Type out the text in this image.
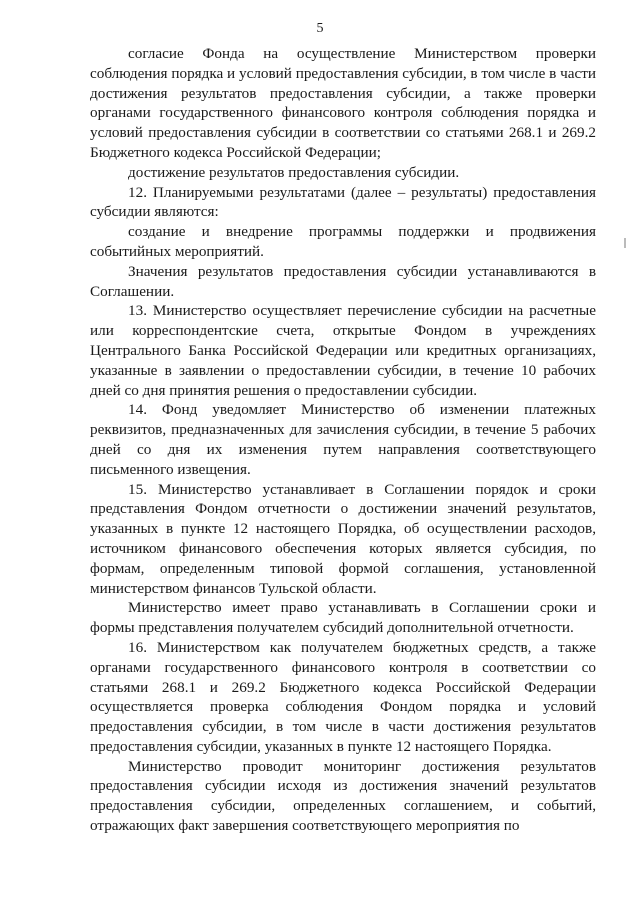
5

согласие Фонда на осуществление Министерством проверки соблюдения порядка и условий предоставления субсидии, в том числе в части достижения результатов предоставления субсидии, а также проверки органами государственного финансового контроля соблюдения порядка и условий предоставления субсидии в соответствии со статьями 268.1 и 269.2 Бюджетного кодекса Российской Федерации;

достижение результатов предоставления субсидии.

12. Планируемыми результатами (далее – результаты) предоставления субсидии являются:

создание и внедрение программы поддержки и продвижения событийных мероприятий.

Значения результатов предоставления субсидии устанавливаются в Соглашении.

13. Министерство осуществляет перечисление субсидии на расчетные или корреспондентские счета, открытые Фондом в учреждениях Центрального Банка Российской Федерации или кредитных организациях, указанные в заявлении о предоставлении субсидии, в течение 10 рабочих дней со дня принятия решения о предоставлении субсидии.

14. Фонд уведомляет Министерство об изменении платежных реквизитов, предназначенных для зачисления субсидии, в течение 5 рабочих дней со дня их изменения путем направления соответствующего письменного извещения.

15. Министерство устанавливает в Соглашении порядок и сроки представления Фондом отчетности о достижении значений результатов, указанных в пункте 12 настоящего Порядка, об осуществлении расходов, источником финансового обеспечения которых является субсидия, по формам, определенным типовой формой соглашения, установленной министерством финансов Тульской области.

Министерство имеет право устанавливать в Соглашении сроки и формы представления получателем субсидий дополнительной отчетности.

16. Министерством как получателем бюджетных средств, а также органами государственного финансового контроля в соответствии со статьями 268.1 и 269.2 Бюджетного кодекса Российской Федерации осуществляется проверка соблюдения Фондом порядка и условий предоставления субсидии, в том числе в части достижения результатов предоставления субсидии, указанных в пункте 12 настоящего Порядка.

Министерство проводит мониторинг достижения результатов предоставления субсидии исходя из достижения значений результатов предоставления субсидии, определенных соглашением, и событий, отражающих факт завершения соответствующего мероприятия по
